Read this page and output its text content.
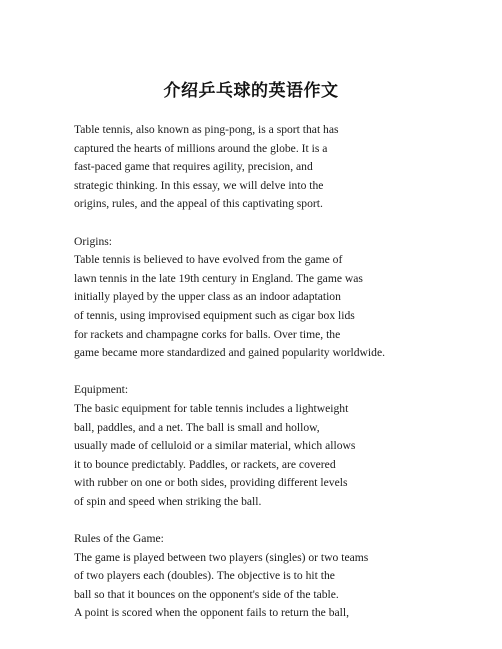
介绍乒乓球的英语作文
Table tennis, also known as ping-pong, is a sport that has
captured the hearts of millions around the globe. It is a
fast-paced game that requires agility, precision, and
strategic thinking. In this essay, we will delve into the
origins, rules, and the appeal of this captivating sport.
Origins:
Table tennis is believed to have evolved from the game of
lawn tennis in the late 19th century in England. The game was
initially played by the upper class as an indoor adaptation
of tennis, using improvised equipment such as cigar box lids
for rackets and champagne corks for balls. Over time, the
game became more standardized and gained popularity worldwide.
Equipment:
The basic equipment for table tennis includes a lightweight
ball, paddles, and a net. The ball is small and hollow,
usually made of celluloid or a similar material, which allows
it to bounce predictably. Paddles, or rackets, are covered
with rubber on one or both sides, providing different levels
of spin and speed when striking the ball.
Rules of the Game:
The game is played between two players (singles) or two teams
of two players each (doubles). The objective is to hit the
ball so that it bounces on the opponent's side of the table.
A point is scored when the opponent fails to return the ball,
